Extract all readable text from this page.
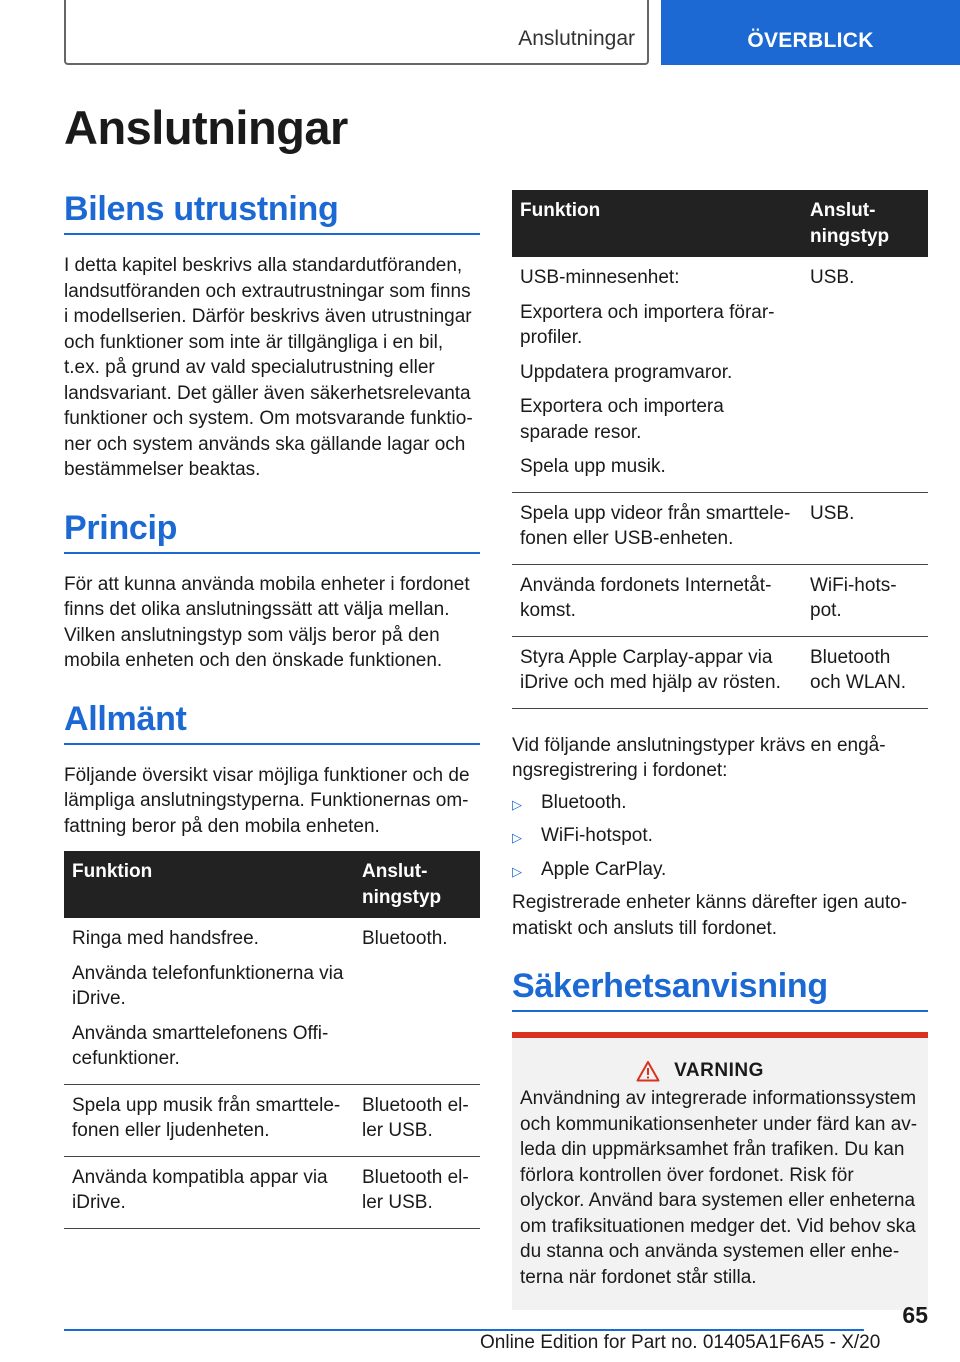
Anslutningar	ÖVERBLICK
Anslutningar
Bilens utrustning

I detta kapitel beskrivs alla standardutföranden, landsutföranden och extrautrustningar som finns i modellserien. Därför beskrivs även utrustningar och funktioner som inte är tillgängliga i en bil, t.ex. på grund av vald specialutrustning eller landsvariant. Det gäller även säkerhetsrelevanta funktioner och system. Om motsvarande funktioner och system används ska gällande lagar och bestämmelser beaktas.

Princip

För att kunna använda mobila enheter i fordonet finns det olika anslutningssätt att välja mellan. Vilken anslutningstyp som väljs beror på den mobila enheten och den önskade funktionen.

Allmänt

Följande översikt visar möjliga funktioner och de lämpliga anslutningstyperna. Funktionernas omfattning beror på den mobila enheten.

Funktion	Anslutningstyp

Ringa med handsfree.
Använda telefonfunktionerna via iDrive.
Använda smarttelefonens Officefunktioner.	Bluetooth.

Spela upp musik från smarttelefonen eller ljudenheten.	Bluetooth eller USB.

Använda kompatibla appar via iDrive.	Bluetooth eller USB.
Funktion	Anslutningstyp

USB-minnesenhet:
Exportera och importera förarprofiler.
Uppdatera programvaror.
Exportera och importera sparade resor.
Spela upp musik.	USB.

Spela upp videor från smarttelefonen eller USB-enheten.	USB.

Använda fordonets Internetåtkomst.	WiFi-hotspot.

Styra Apple Carplay-appar via iDrive och med hjälp av rösten.	Bluetooth och WLAN.

Vid följande anslutningstyper krävs en engångsregistrering i fordonet:

▷	Bluetooth.
▷	WiFi-hotspot.
▷	Apple CarPlay.

Registrerade enheter känns därefter igen automatiskt och ansluts till fordonet.

Säkerhetsanvisning
VARNING

Användning av integrerade informationssystem och kommunikationsenheter under färd kan avleda din uppmärksamhet från trafiken. Du kan förlora kontrollen över fordonet. Risk för olyckor. Använd bara systemen eller enheterna om trafiksituationen medger det. Vid behov ska du stanna och använda systemen eller enheterna när fordonet står stilla.

65
Online Edition for Part no. 01405A1F6A5 - X/20
